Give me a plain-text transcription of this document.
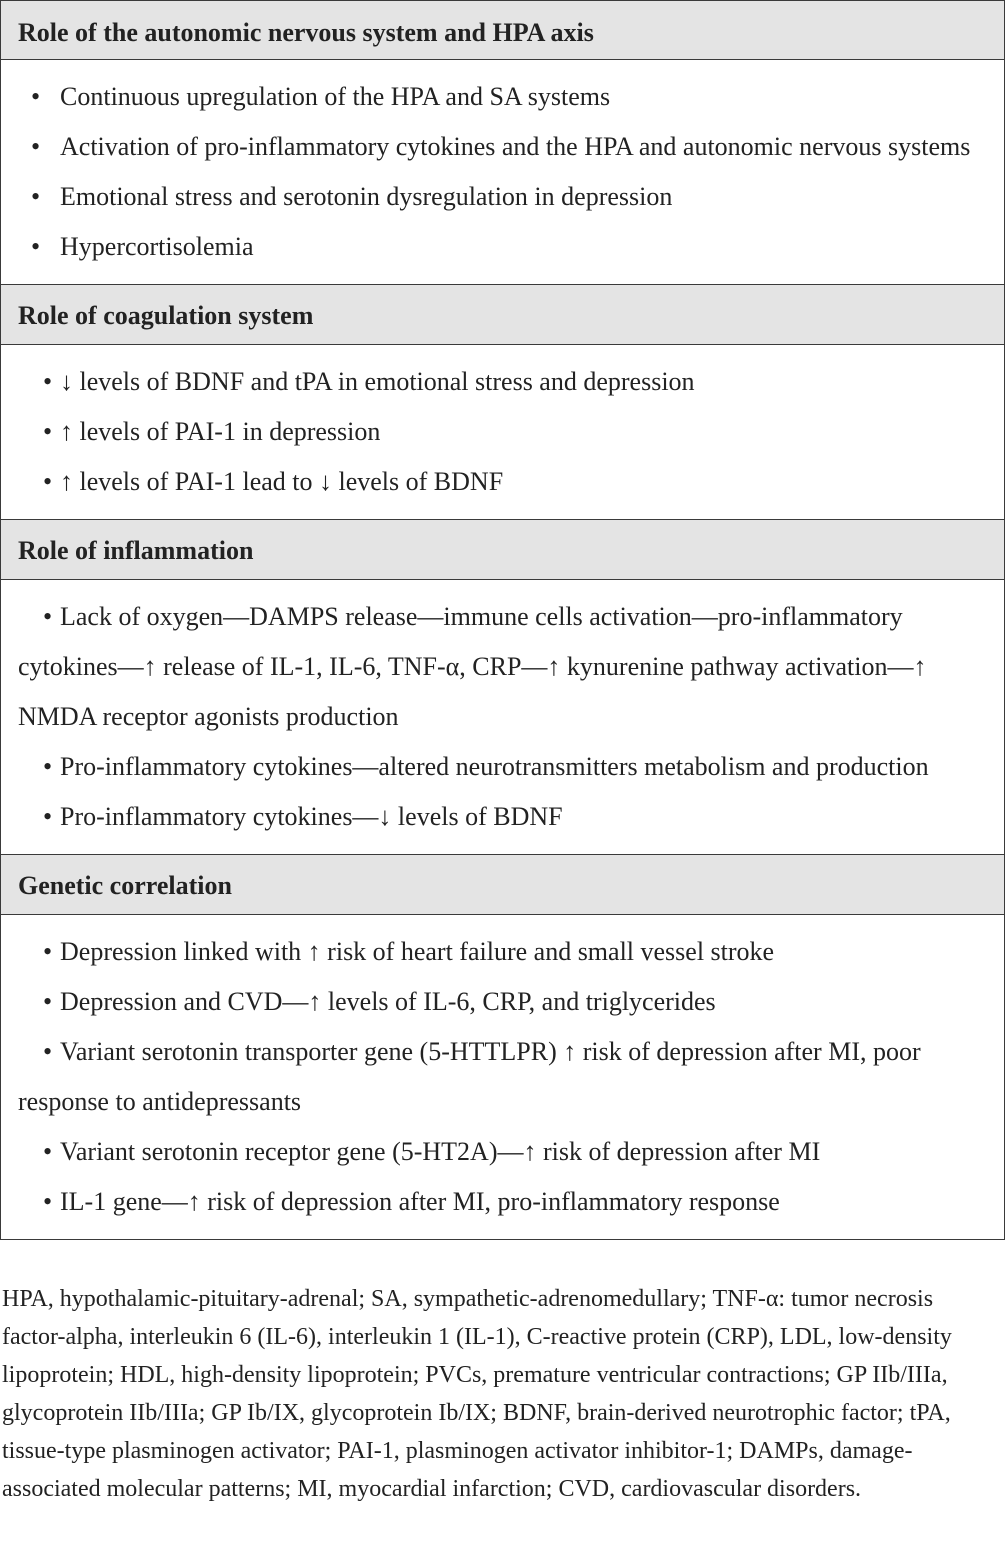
Role of the autonomic nervous system and HPA axis
• Continuous upregulation of the HPA and SA systems
• Activation of pro-inflammatory cytokines and the HPA and autonomic nervous systems
• Emotional stress and serotonin dysregulation in depression
• Hypercortisolemia
Role of coagulation system
• ↓ levels of BDNF and tPA in emotional stress and depression
• ↑ levels of PAI-1 in depression
• ↑ levels of PAI-1 lead to ↓ levels of BDNF
Role of inflammation
• Lack of oxygen—DAMPS release—immune cells activation—pro-inflammatory cytokines—↑ release of IL-1, IL-6, TNF-α, CRP—↑ kynurenine pathway activation—↑ NMDA receptor agonists production
• Pro-inflammatory cytokines—altered neurotransmitters metabolism and production
• Pro-inflammatory cytokines—↓ levels of BDNF
Genetic correlation
• Depression linked with ↑ risk of heart failure and small vessel stroke
• Depression and CVD—↑ levels of IL-6, CRP, and triglycerides
• Variant serotonin transporter gene (5-HTTLPR) ↑ risk of depression after MI, poor response to antidepressants
• Variant serotonin receptor gene (5-HT2A)—↑ risk of depression after MI
• IL-1 gene—↑ risk of depression after MI, pro-inflammatory response
HPA, hypothalamic-pituitary-adrenal; SA, sympathetic-adrenomedullary; TNF-α: tumor necrosis factor-alpha, interleukin 6 (IL-6), interleukin 1 (IL-1), C-reactive protein (CRP), LDL, low-density lipoprotein; HDL, high-density lipoprotein; PVCs, premature ventricular contractions; GP IIb/IIIa, glycoprotein IIb/IIIa; GP Ib/IX, glycoprotein Ib/IX; BDNF, brain-derived neurotrophic factor; tPA, tissue-type plasminogen activator; PAI-1, plasminogen activator inhibitor-1; DAMPs, damage-associated molecular patterns; MI, myocardial infarction; CVD, cardiovascular disorders.
